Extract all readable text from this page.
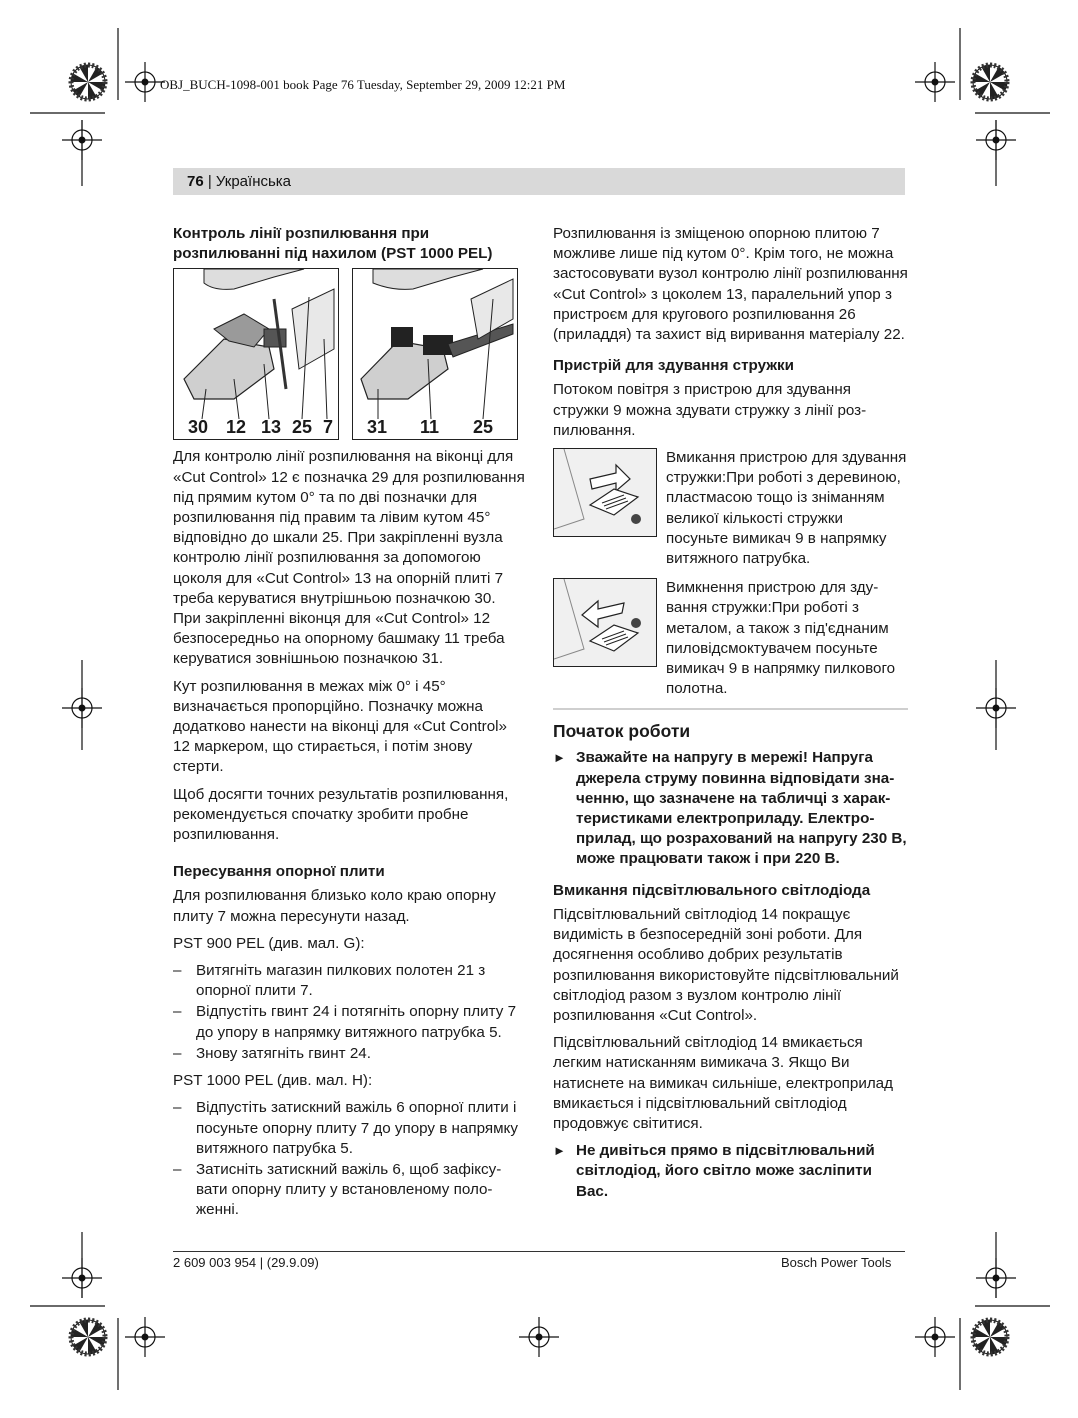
OBJ_BUCH-1098-001 book Page 76 Tuesday, September 29, 2009 12:21 PM
76 | Українська
Контроль лінії розпилювання при розпилюванні під нахилом (PST 1000 PEL)
30 12 13 25 7 31 11 25

Для контролю лінії розпилювання на віконці для «Cut Control» 12 є позначка 29 для розпилювання під прямим кутом 0° та по дві позначки для розпилювання під правим та лівим кутом 45° відповідно до шкали 25. При закріпленні вузла контролю лінії розпилювання за допомогою цоколя для «Cut Control» 13 на опорній плиті 7 треба керуватися внутрішньою позначкою 30. При закріпленні віконця для «Cut Control» 12 безпосередньо на опорному башмаку 11 треба керуватися зовнішньою позначкою 31.

Кут розпилювання в межах між 0° і 45° визначається пропорційно. Позначку можна додатково нанести на віконці для «Cut Control» 12 маркером, що стирається, і потім знову стерти.

Щоб досягти точних результатів розпилювання, рекомендується спочатку зробити пробне розпилювання.

Пересування опорної плити

Для розпилювання близько коло краю опорну плиту 7 можна пересунути назад.

PST 900 PEL (див. мал. G):

– Витягніть магазин пилкових полотен 21 з опорної плити 7.
– Відпустіть гвинт 24 і потягніть опорну плиту 7 до упору в напрямку витяжного патрубка 5.
– Знову затягніть гвинт 24.

PST 1000 PEL (див. мал. H):

– Відпустіть затискний важіль 6 опорної плити і посуньте опорну плиту 7 до упору в напрямку витяжного патрубка 5.
– Затисніть затискний важіль 6, щоб зафіксувати опорну плиту у встановленому положенні.

Розпилювання із зміщеною опорною плитою 7 можливе лише під кутом 0°. Крім того, не можна застосовувати вузол контролю лінії розпилювання «Cut Control» з цоколем 13, паралельний упор з пристроєм для кругового розпилювання 26 (приладдя) та захист від виривання матеріалу 22.

Пристрій для здування стружки

Потоком повітря з пристрою для здування стружки 9 можна здувати стружку з лінії розпилювання.

Вмикання пристрою для здування стружки:При роботі з деревиною, пластмасою тощо із зніманням великої кількості стружки посуньте вимикач 9 в напрямку витяжного патрубка.
Вимкнення пристрою для здування стружки:При роботі з металом, а також з під'єднаним пиловідсмоктувачем посуньте вимикач 9 в напрямку пилкового полотна.
Початок роботи
► Зважайте на напругу в мережі! Напруга джерела струму повинна відповідати значенню, що зазначене на табличці з характеристиками електроприладу. Електроприлад, що розрахований на напругу 230 В, може працювати також і при 220 В.
Вмикання підсвітлювального світлодіода

Підсвітлювальний світлодіод 14 покращує видимість в безпосередній зоні роботи. Для досягнення особливо добрих результатів розпилювання використовуйте підсвітлювальний світлодіод разом з вузлом контролю лінії розпилювання «Cut Control».

Підсвітлювальний світлодіод 14 вмикається легким натисканням вимикача 3. Якщо Ви натиснете на вимикач сильніше, електроприлад вмикається і підсвітлювальний світлодіод продовжує світитися.

► Не дивіться прямо в підсвітлювальний світлодіод, його світло може засліпити Вас.
2 609 003 954 | (29.9.09)	Bosch Power Tools
